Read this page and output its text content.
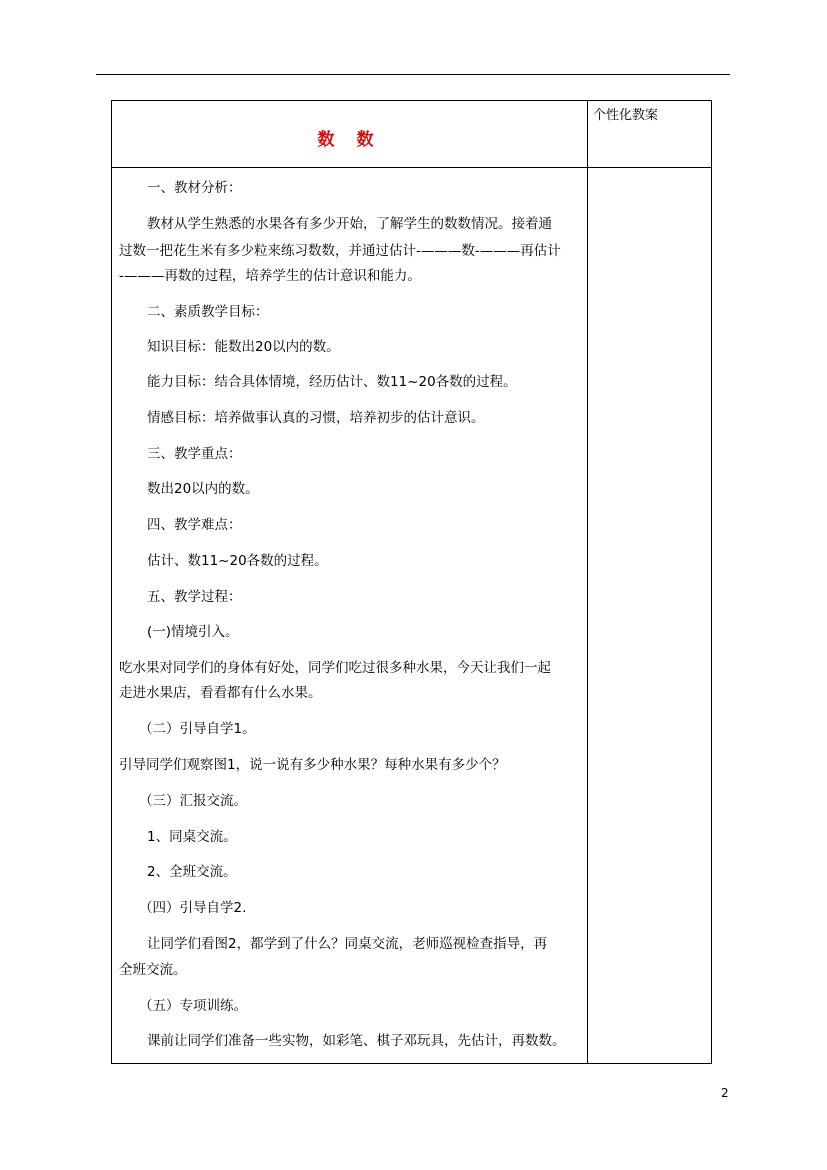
数 数
个性化教案
一、教材分析：
教材从学生熟悉的水果各有多少开始，了解学生的数数情况。接着通
过数一把花生米有多少粒来练习数数，并通过估计-———数-———再估计
-———再数的过程，培养学生的估计意识和能力。
二、素质教学目标：
知识目标：能数出20以内的数。
能力目标：结合具体情境，经历估计、数11~20各数的过程。
情感目标：培养做事认真的习惯，培养初步的估计意识。
三、教学重点：
数出20以内的数。
四、教学难点：
估计、数11~20各数的过程。
五、教学过程：
(一)情境引入。
吃水果对同学们的身体有好处，同学们吃过很多种水果，今天让我们一起
走进水果店，看看都有什么水果。
（二）引导自学1。
引导同学们观察图1，说一说有多少种水果？每种水果有多少个？
（三）汇报交流。
1、同桌交流。
2、全班交流。
（四）引导自学2.
让同学们看图2，都学到了什么？同桌交流，老师巡视检查指导，再
全班交流。
（五）专项训练。
课前让同学们准备一些实物，如彩笔、棋子邓玩具，先估计，再数数。
2
